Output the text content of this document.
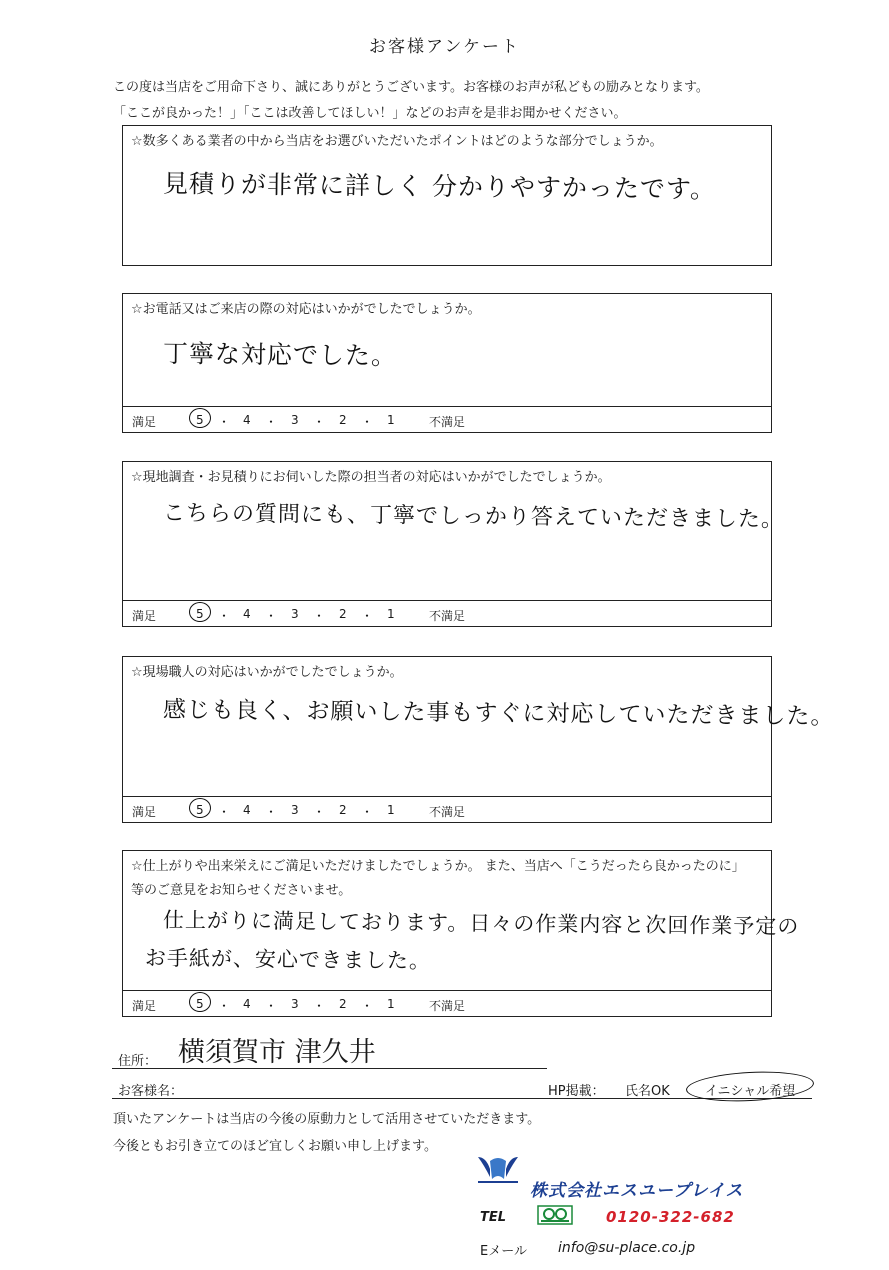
お客様アンケート
この度は当店をご用命下さり、誠にありがとうございます。お客様のお声が私どもの励みとなります。
「ここが良かった！」「ここは改善してほしい！」などのお声を是非お聞かせください。
☆数多くある業者の中から当店をお選びいただいたポイントはどのような部分でしょうか。
見積りが非常に詳しく 分かりやすかったです。
☆お電話又はご来店の際の対応はいかがでしたでしょうか。
丁寧な対応でした。
満足	5 ・ 4 ・ 3 ・ 2 ・ 1	不満足
☆現地調査・お見積りにお伺いした際の担当者の対応はいかがでしたでしょうか。
こちらの質問にも、丁寧でしっかり答えていただきました。
満足	5 ・ 4 ・ 3 ・ 2 ・ 1	不満足
☆現場職人の対応はいかがでしたでしょうか。
感じも良く、お願いした事もすぐに対応していただきました。
満足	5 ・ 4 ・ 3 ・ 2 ・ 1	不満足
☆仕上がりや出来栄えにご満足いただけましたでしょうか。 また、当店へ「こうだったら良かったのに」
等のご意見をお知らせくださいませ。
仕上がりに満足しております。日々の作業内容と次回作業予定の
お手紙が、安心できました。
満足	5 ・ 4 ・ 3 ・ 2 ・ 1	不満足
住所： 横須賀市 津久井
お客様名：	HP掲載： 氏名OK	イニシャル希望
頂いたアンケートは当店の今後の原動力として活用させていただきます。
今後ともお引き立てのほど宜しくお願い申し上げます。
株式会社エスユープレイス
TEL	0120-322-682
Eメール info@su-place.co.jp
